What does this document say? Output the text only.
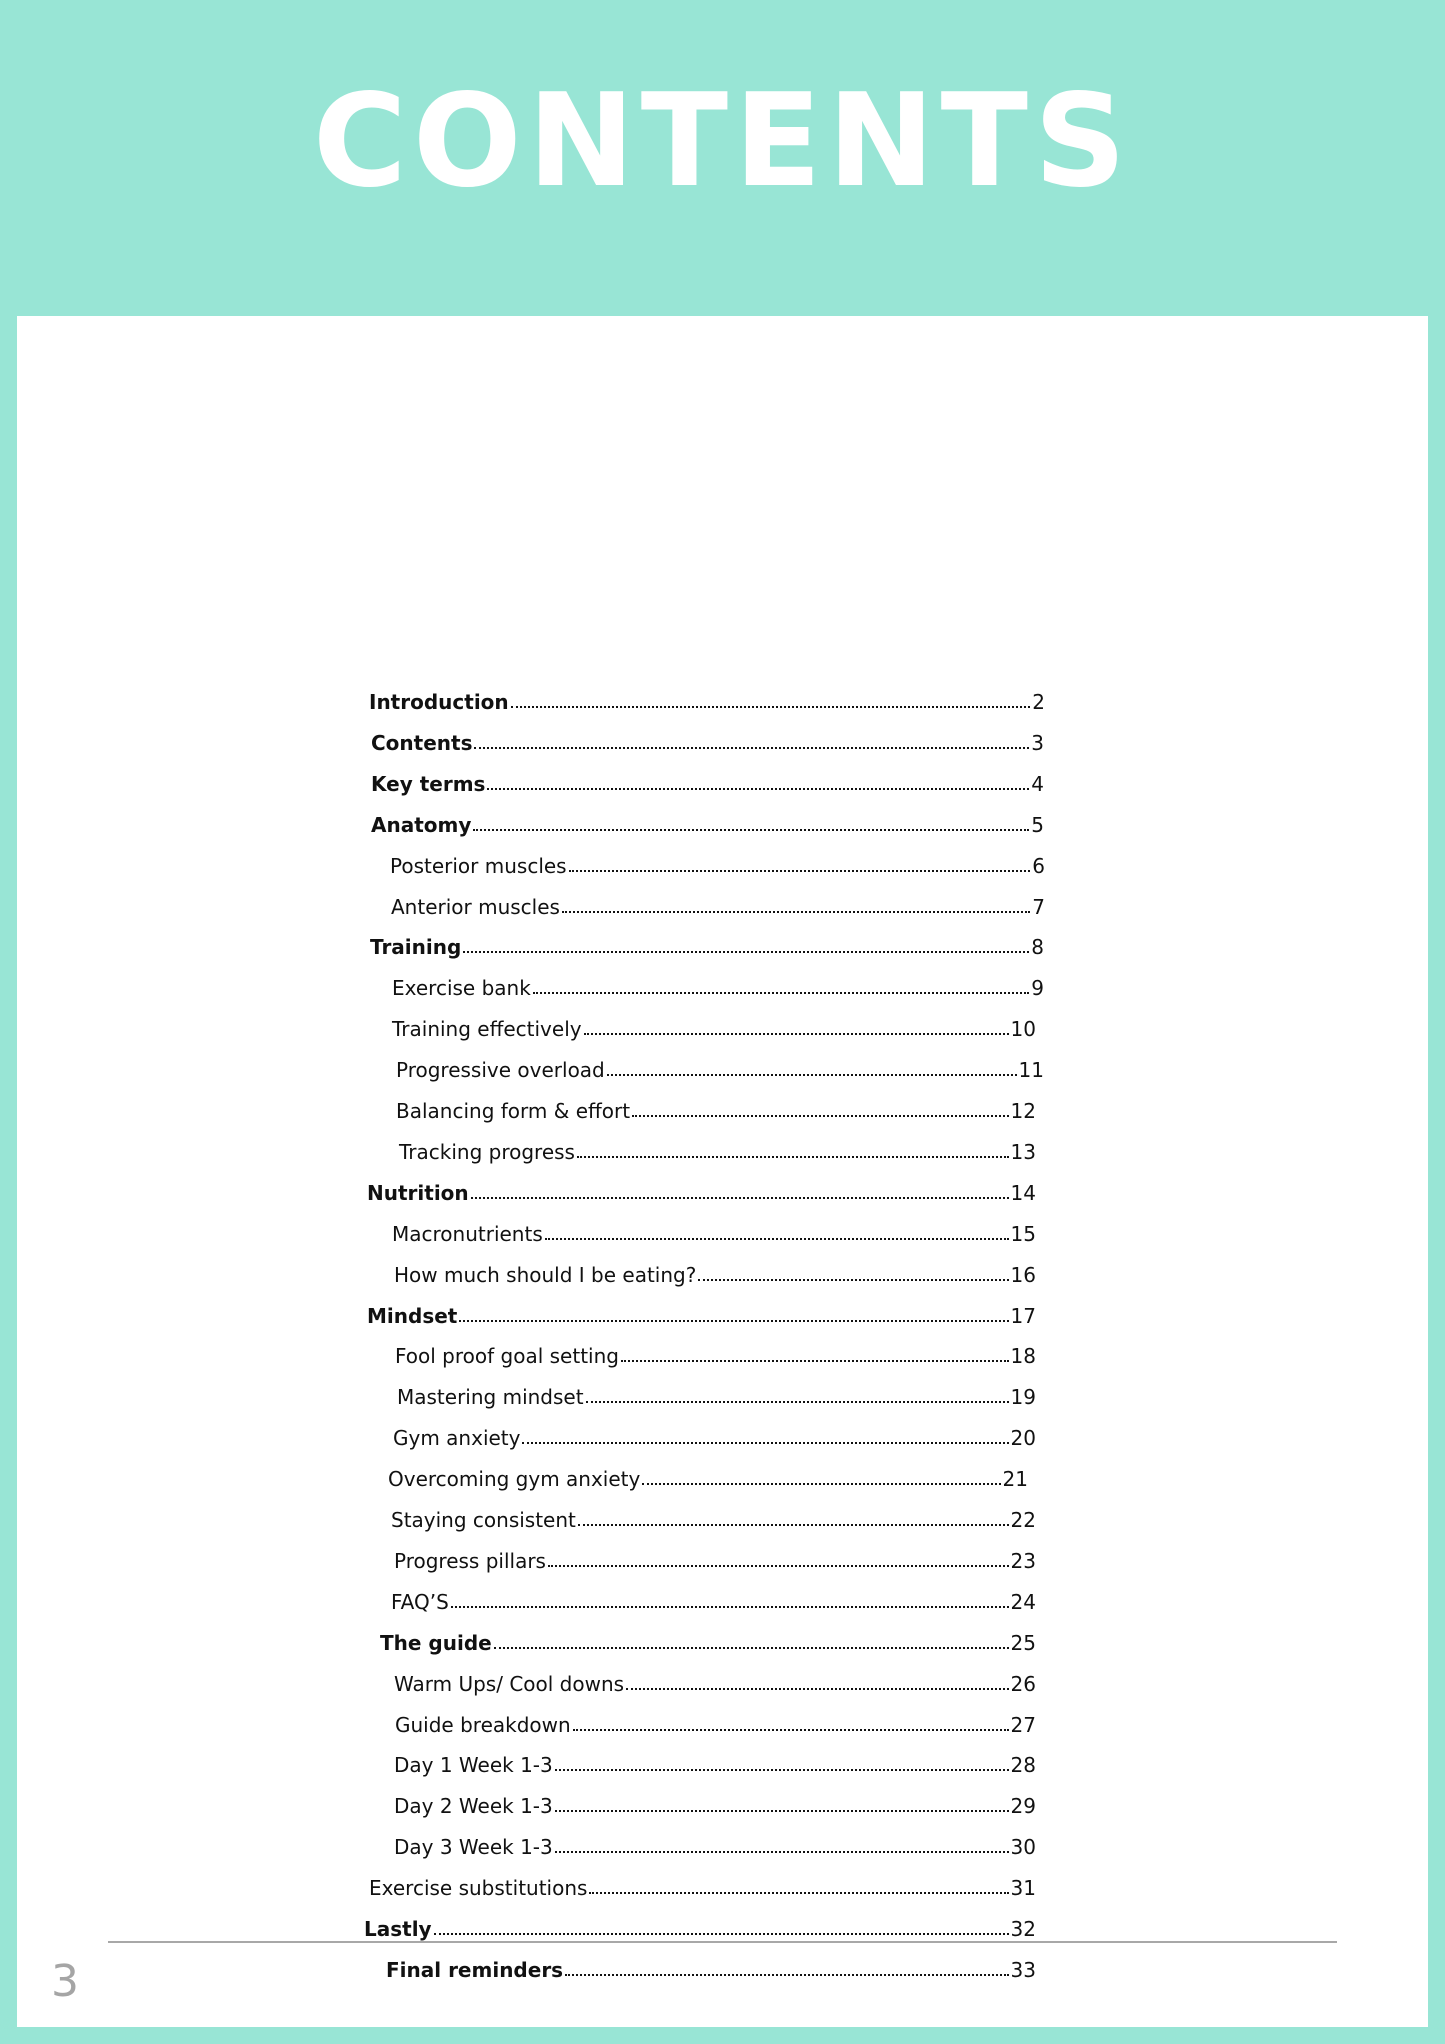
CONTENTS
Introduction	2
Contents	3
Key terms	4
Anatomy	5
Posterior muscles	6
Anterior muscles	7
Training	8
Exercise bank	9
Training effectively	10
Progressive overload	11
Balancing form & effort	12
Tracking progress	13
Nutrition	14
Macronutrients	15
How much should I be eating?	16
Mindset	17
Fool proof goal setting	18
Mastering mindset	19
Gym anxiety	20
Overcoming gym anxiety	21
Staying consistent	22
Progress pillars	23
FAQ’S	24
The guide	25
Warm Ups/ Cool downs	26
Guide breakdown	27
Day 1 Week 1-3	28
Day 2 Week 1-3	29
Day 3 Week 1-3	30
Exercise substitutions	31
Lastly	32
Final reminders	33
3
